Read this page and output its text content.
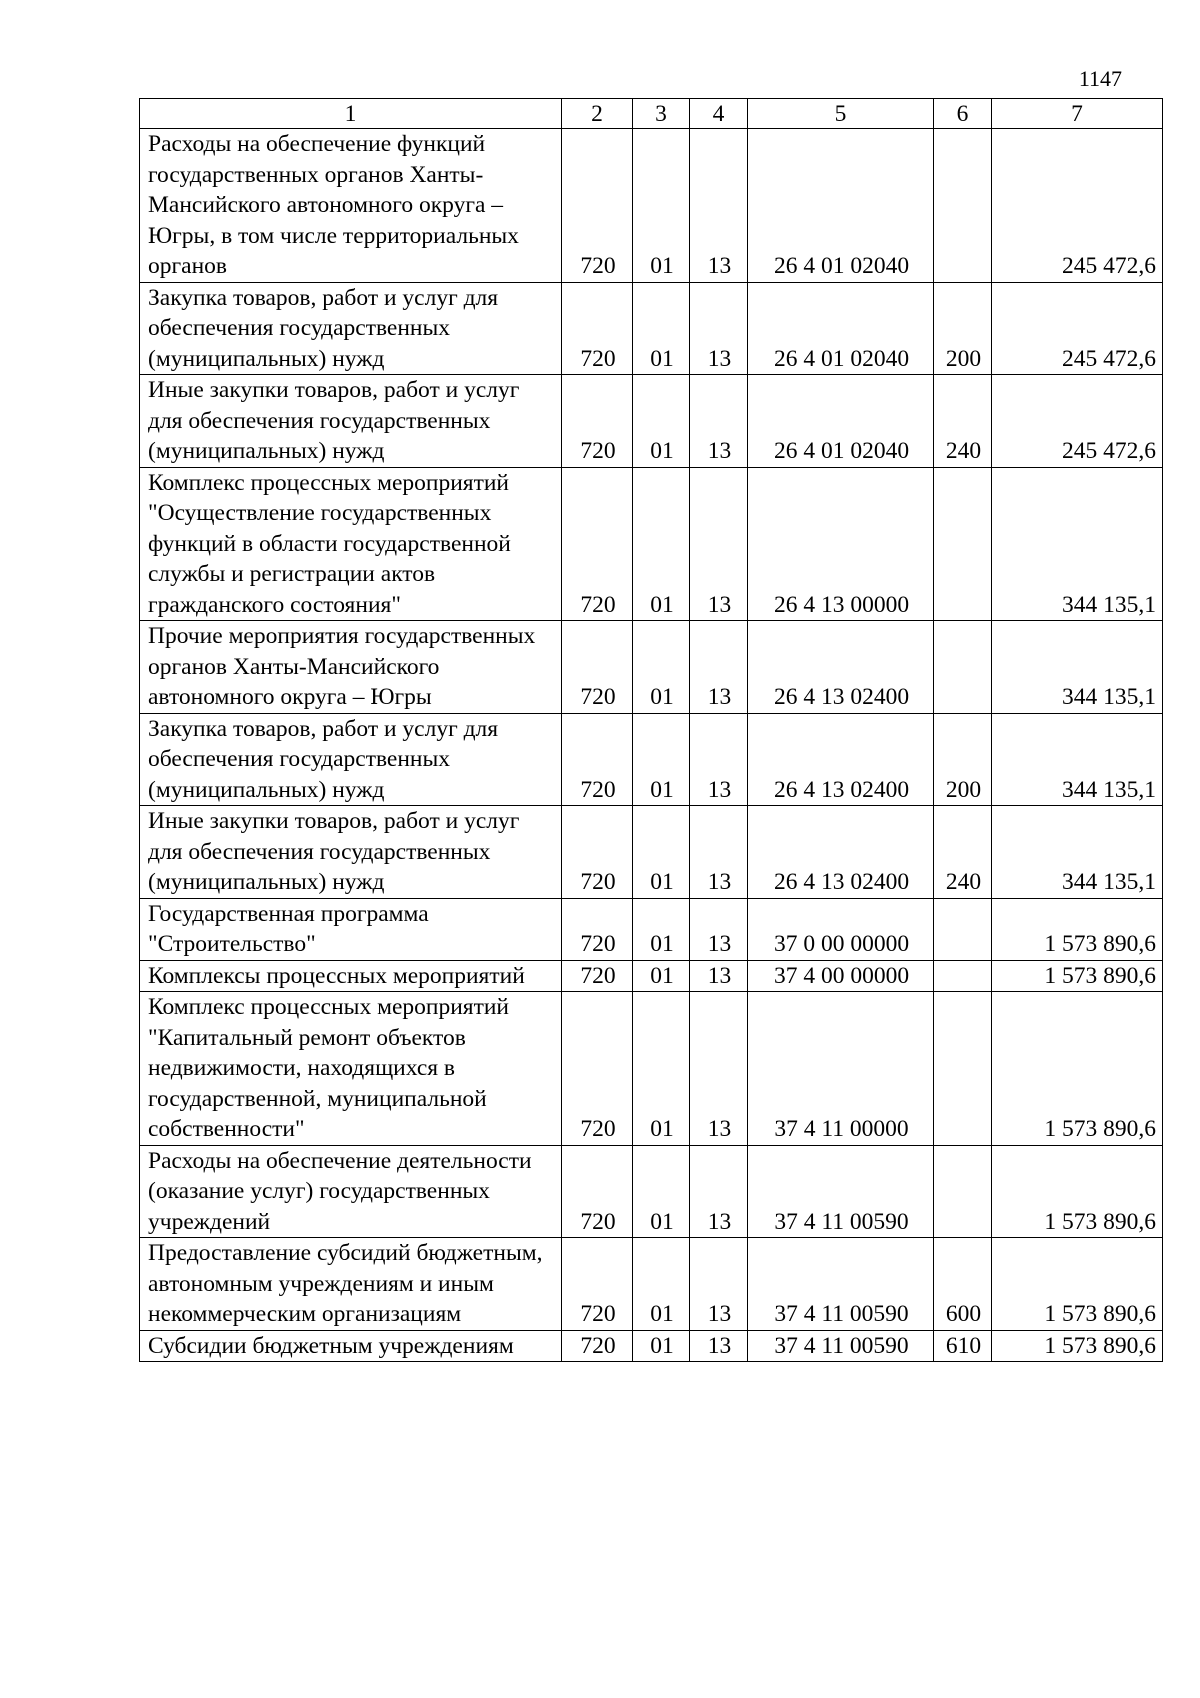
1147
1	2	3	4	5	6	7
Расходы на обеспечение функций государственных органов Ханты-Мансийского автономного округа – Югры, в том числе территориальных органов	720	01	13	26 4 01 02040		245 472,6
Закупка товаров, работ и услуг для обеспечения государственных (муниципальных) нужд	720	01	13	26 4 01 02040	200	245 472,6
Иные закупки товаров, работ и услуг для обеспечения государственных (муниципальных) нужд	720	01	13	26 4 01 02040	240	245 472,6
Комплекс процессных мероприятий "Осуществление государственных функций в области государственной службы и регистрации актов гражданского состояния"	720	01	13	26 4 13 00000		344 135,1
Прочие мероприятия государственных органов Ханты-Мансийского автономного округа – Югры	720	01	13	26 4 13 02400		344 135,1
Закупка товаров, работ и услуг для обеспечения государственных (муниципальных) нужд	720	01	13	26 4 13 02400	200	344 135,1
Иные закупки товаров, работ и услуг для обеспечения государственных (муниципальных) нужд	720	01	13	26 4 13 02400	240	344 135,1
Государственная программа "Строительство"	720	01	13	37 0 00 00000		1 573 890,6
Комплексы процессных мероприятий	720	01	13	37 4 00 00000		1 573 890,6
Комплекс процессных мероприятий "Капитальный ремонт объектов недвижимости, находящихся в государственной, муниципальной собственности"	720	01	13	37 4 11 00000		1 573 890,6
Расходы на обеспечение деятельности (оказание услуг) государственных учреждений	720	01	13	37 4 11 00590		1 573 890,6
Предоставление субсидий бюджетным, автономным учреждениям и иным некоммерческим организациям	720	01	13	37 4 11 00590	600	1 573 890,6
Субсидии бюджетным учреждениям	720	01	13	37 4 11 00590	610	1 573 890,6
